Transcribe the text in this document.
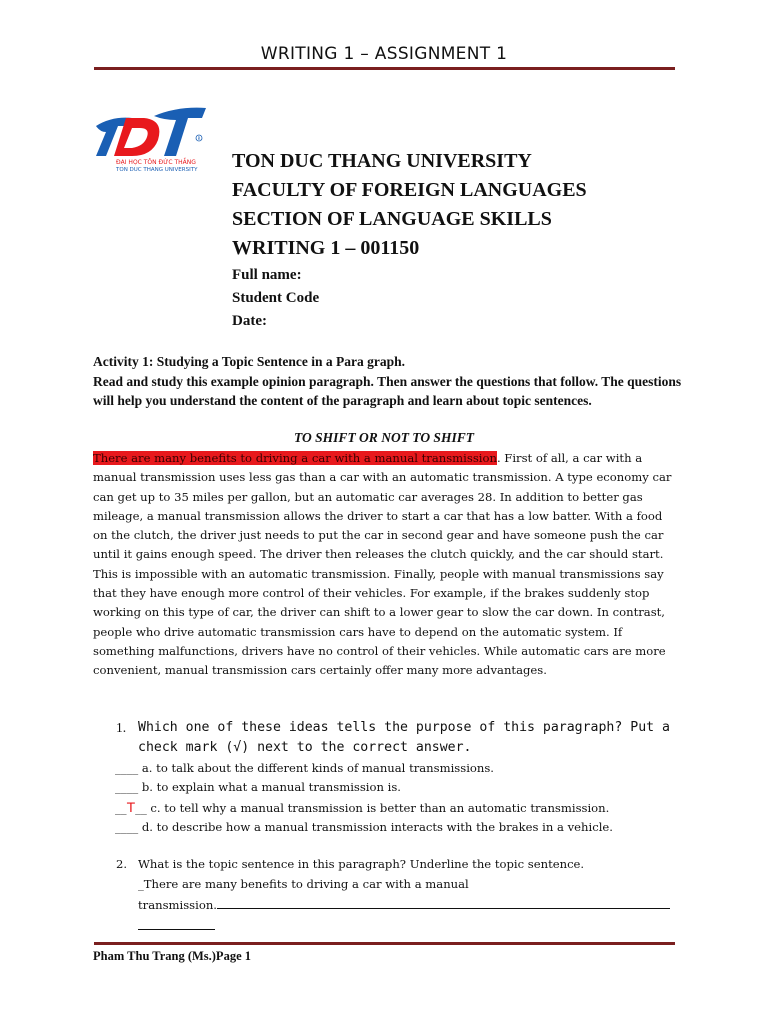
WRITING 1 – ASSIGNMENT 1
R
ĐẠI HỌC TÔN ĐỨC THẮNG
TON DUC THANG UNIVERSITY TON DUC THANG UNIVERSITY
FACULTY OF FOREIGN LANGUAGES
SECTION OF LANGUAGE SKILLS
WRITING 1 – 001150
Full name:
Student Code
Date:
Activity 1: Studying a Topic Sentence in a Para graph.
Read and study this example opinion paragraph. Then answer the questions that follow. The questions will help you understand the content of the paragraph and learn about topic sentences.
TO SHIFT OR NOT TO SHIFT
There are many benefits to driving a car with a manual transmission. First of all, a car with a manual transmission uses less gas than a car with an automatic transmission. A type economy car can get up to 35 miles per gallon, but an automatic car averages 28. In addition to better gas mileage, a manual transmission allows the driver to start a car that has a low batter. With a food on the clutch, the driver just needs to put the car in second gear and have someone push the car until it gains enough speed. The driver then releases the clutch quickly, and the car should start. This is impossible with an automatic transmission. Finally, people with manual transmissions say that they have enough more control of their vehicles. For example, if the brakes suddenly stop working on this type of car, the driver can shift to a lower gear to slow the car down. In contrast, people who drive automatic transmission cars have to depend on the automatic system. If something malfunctions, drivers have no control of their vehicles. While automatic cars are more convenient, manual transmission cars certainly offer many more advantages.
1. Which one of these ideas tells the purpose of this paragraph? Put a check mark (√) next to the correct answer.
____ a. to talk about the different kinds of manual transmissions.
____ b. to explain what a manual transmission is.
__T__ c. to tell why a manual transmission is better than an automatic transmission.
____ d. to describe how a manual transmission interacts with the brakes in a vehicle.
2. What is the topic sentence in this paragraph? Underline the topic sentence.
_There are many benefits to driving a car with a manual
transmission.
Pham Thu Trang (Ms.)Page 1
